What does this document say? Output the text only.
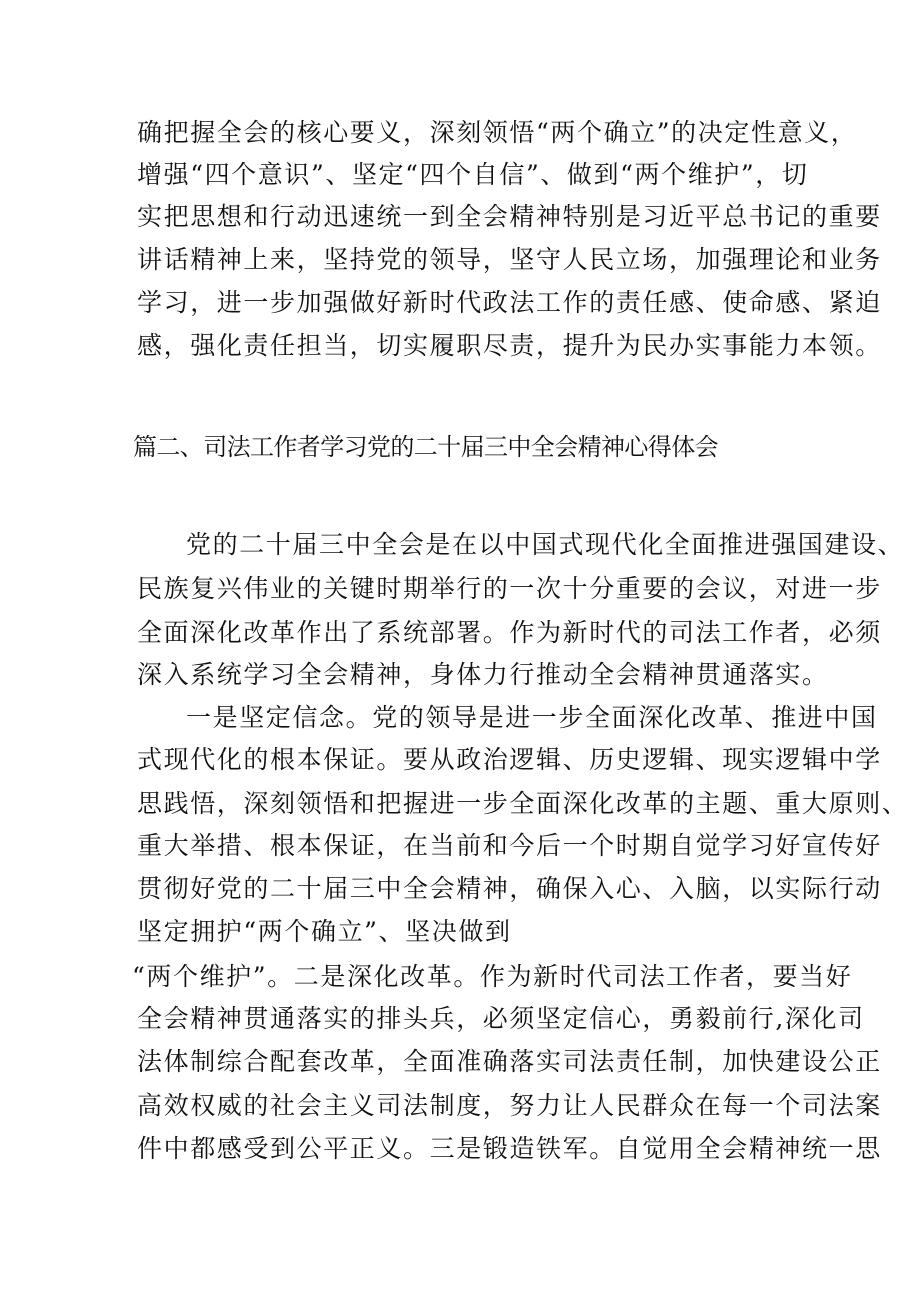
确把握全会的核心要义，深刻领悟“两个确立”的决定性意义，
增强“四个意识”、坚定“四个自信”、做到“两个维护”，切
实把思想和行动迅速统一到全会精神特别是习近平总书记的重要
讲话精神上来，坚持党的领导，坚守人民立场，加强理论和业务
学习，进一步加强做好新时代政法工作的责任感、使命感、紧迫
感，强化责任担当，切实履职尽责，提升为民办实事能力本领。
篇二、司法工作者学习党的二十届三中全会精神心得体会
党的二十届三中全会是在以中国式现代化全面推进强国建设、
民族复兴伟业的关键时期举行的一次十分重要的会议，对进一步
全面深化改革作出了系统部署。作为新时代的司法工作者，必须
深入系统学习全会精神，身体力行推动全会精神贯通落实。
一是坚定信念。党的领导是进一步全面深化改革、推进中国
式现代化的根本保证。要从政治逻辑、历史逻辑、现实逻辑中学
思践悟，深刻领悟和把握进一步全面深化改革的主题、重大原则、
重大举措、根本保证，在当前和今后一个时期自觉学习好宣传好
贯彻好党的二十届三中全会精神，确保入心、入脑，以实际行动
坚定拥护“两个确立”、坚决做到
“两个维护”。二是深化改革。作为新时代司法工作者，要当好
全会精神贯通落实的排头兵，必须坚定信心，勇毅前行,深化司
法体制综合配套改革，全面准确落实司法责任制，加快建设公正
高效权威的社会主义司法制度，努力让人民群众在每一个司法案
件中都感受到公平正义。三是锻造铁军。自觉用全会精神统一思
